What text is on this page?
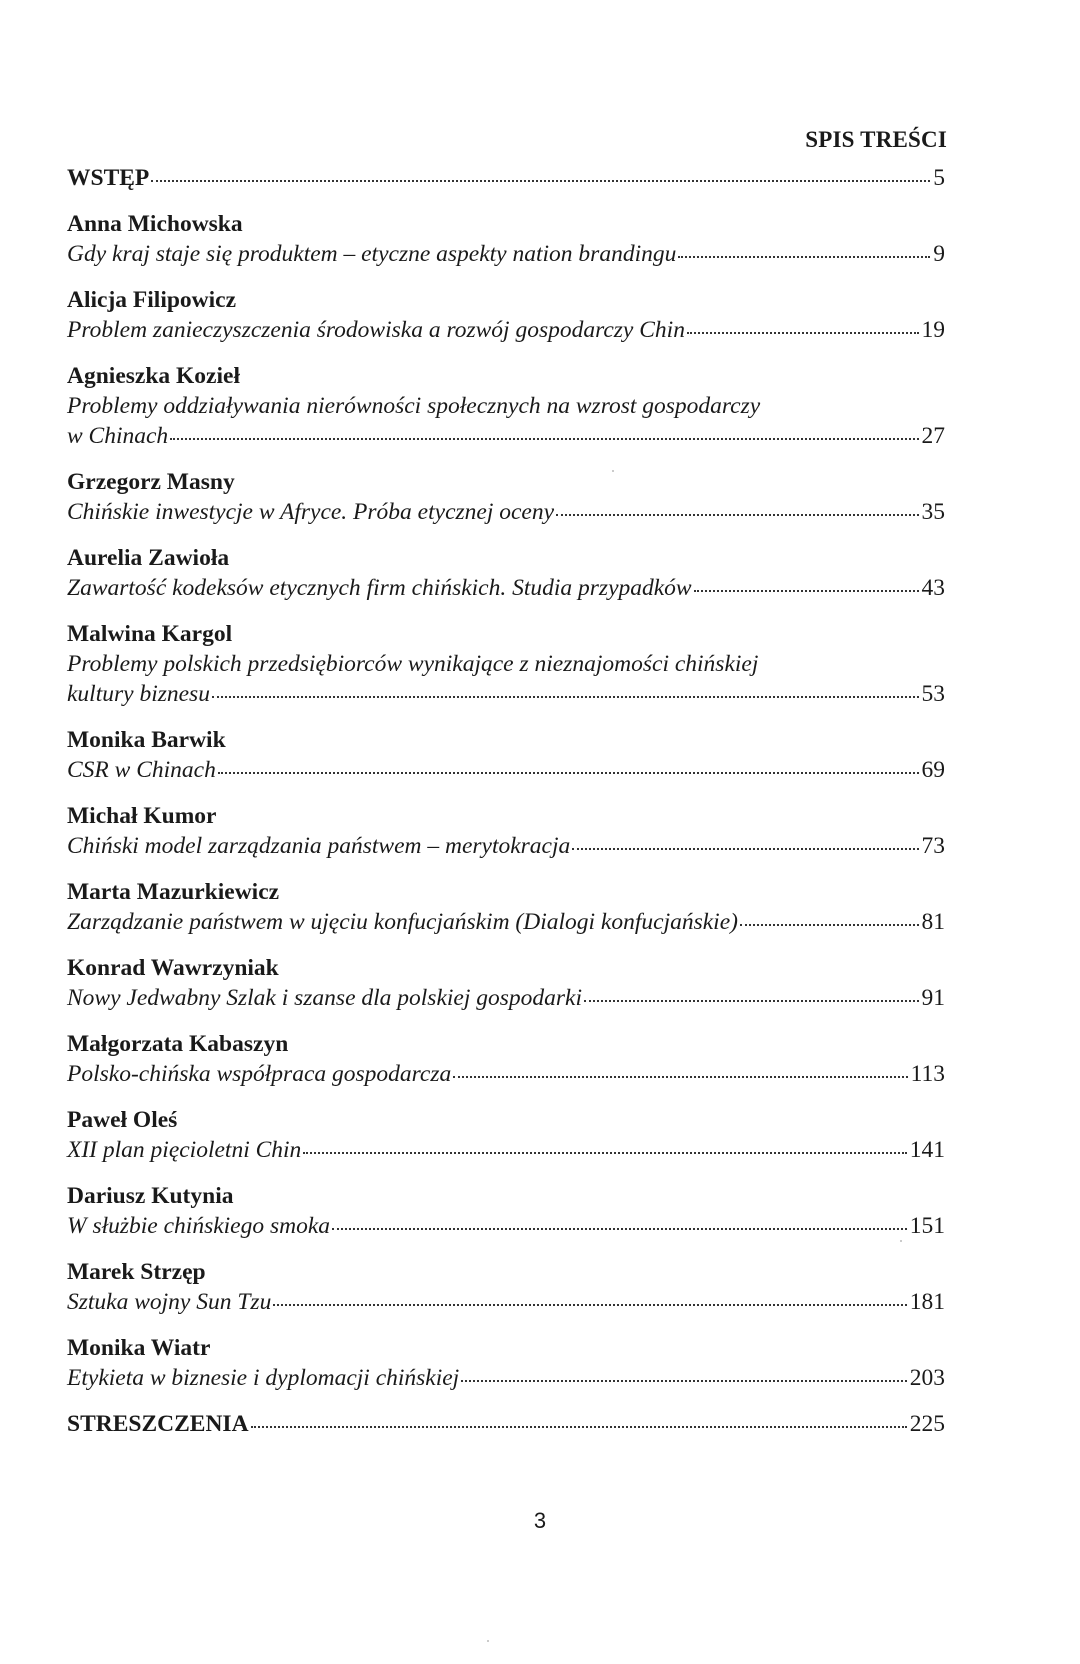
SPIS TREŚCI
WSTĘP	5
Anna Michowska
Gdy kraj staje się produktem – etyczne aspekty nation brandingu	9
Alicja Filipowicz
Problem zanieczyszczenia środowiska a rozwój gospodarczy Chin	19
Agnieszka Kozieł
Problemy oddziaływania nierówności społecznych na wzrost gospodarczy
w Chinach	27
Grzegorz Masny
Chińskie inwestycje w Afryce. Próba etycznej oceny	35
Aurelia Zawioła
Zawartość kodeksów etycznych firm chińskich. Studia przypadków	43
Malwina Kargol
Problemy polskich przedsiębiorców wynikające z nieznajomości chińskiej
kultury biznesu	53
Monika Barwik
CSR w Chinach	69
Michał Kumor
Chiński model zarządzania państwem – merytokracja	73
Marta Mazurkiewicz
Zarządzanie państwem w ujęciu konfucjańskim (Dialogi konfucjańskie)	81
Konrad Wawrzyniak
Nowy Jedwabny Szlak i szanse dla polskiej gospodarki	91
Małgorzata Kabaszyn
Polsko-chińska współpraca gospodarcza	113
Paweł Oleś
XII plan pięcioletni Chin	141
Dariusz Kutynia
W służbie chińskiego smoka	151
Marek Strzęp
Sztuka wojny Sun Tzu	181
Monika Wiatr
Etykieta w biznesie i dyplomacji chińskiej	203
STRESZCZENIA	225
3
